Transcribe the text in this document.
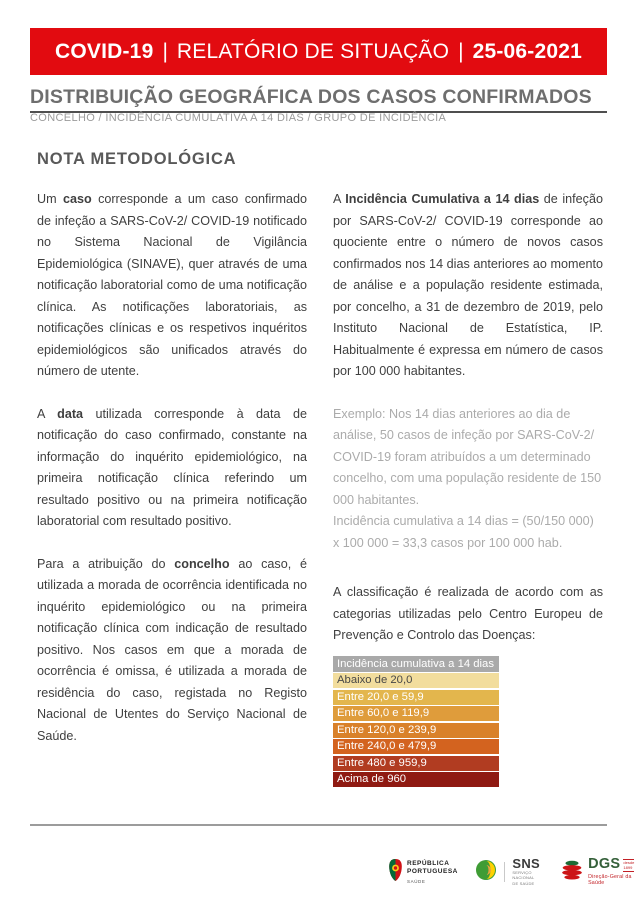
COVID-19 | RELATÓRIO DE SITUAÇÃO | 25-06-2021
DISTRIBUIÇÃO GEOGRÁFICA DOS CASOS CONFIRMADOS
CONCELHO / INCIDÊNCIA CUMULATIVA A 14 DIAS / GRUPO DE INCIDÊNCIA
NOTA METODOLÓGICA

Um caso corresponde a um caso confirmado de infeção a SARS-CoV-2/ COVID-19 notificado no Sistema Nacional de Vigilância Epidemiológica (SINAVE), quer através de uma notificação laboratorial como de uma notificação clínica. As notificações laboratoriais, as notificações clínicas e os respetivos inquéritos epidemiológicos são unificados através do número de utente.

A data utilizada corresponde à data de notificação do caso confirmado, constante na informação do inquérito epidemiológico, na primeira notificação clínica referindo um resultado positivo ou na primeira notificação laboratorial com resultado positivo.

Para a atribuição do concelho ao caso, é utilizada a morada de ocorrência identificada no inquérito epidemiológico ou na primeira notificação clínica com indicação de resultado positivo. Nos casos em que a morada de ocorrência é omissa, é utilizada a morada de residência do caso, registada no Registo Nacional de Utentes do Serviço Nacional de Saúde.

A Incidência Cumulativa a 14 dias de infeção por SARS-CoV-2/ COVID-19 corresponde ao quociente entre o número de novos casos confirmados nos 14 dias anteriores ao momento de análise e a população residente estimada, por concelho, a 31 de dezembro de 2019, pelo Instituto Nacional de Estatística, IP. Habitualmente é expressa em número de casos por 100 000 habitantes.

Exemplo: Nos 14 dias anteriores ao dia de análise, 50 casos de infeção por SARS-CoV-2/ COVID-19 foram atribuídos a um determinado concelho, com uma população residente de 150 000 habitantes.
Incidência cumulativa a 14 dias = (50/150 000) x 100 000 = 33,3 casos por 100 000 hab.

A classificação é realizada de acordo com as categorias utilizadas pelo Centro Europeu de Prevenção e Controlo das Doenças:

Incidência cumulativa a 14 dias
Abaixo de 20,0
Entre 20,0 e 59,9
Entre 60,0 e 119,9
Entre 120,0 e 239,9
Entre 240,0 e 479,9
Entre 480 e 959,9
Acima de 960
REPÚBLICA
PORTUGUESA
SAÚDE
SNS
SERVIÇO NACIONAL
DE SAÚDE
DGS desde
1899
Direção-Geral da Saúde
